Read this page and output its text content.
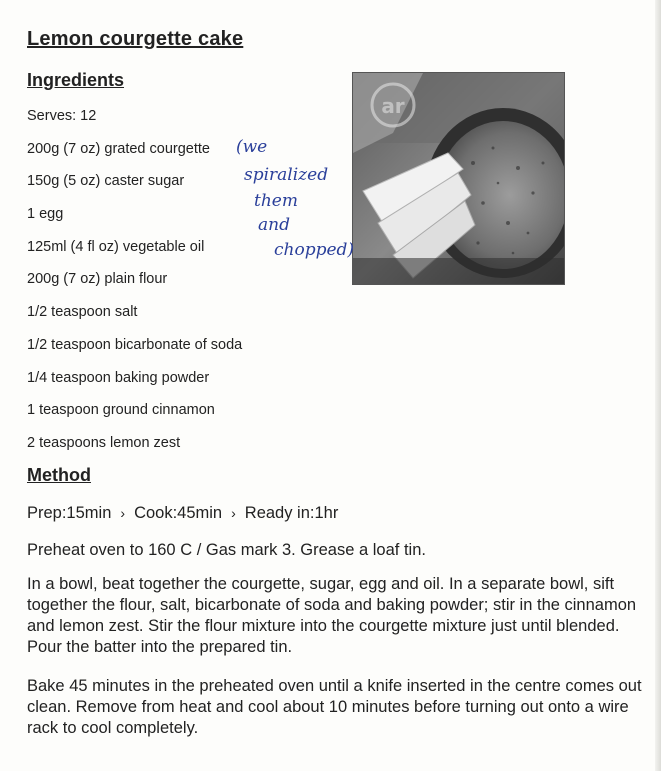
Lemon courgette cake
Ingredients
Serves: 12
200g (7 oz) grated courgette
150g (5 oz) caster sugar
1 egg
125ml (4 fl oz) vegetable oil
200g (7 oz) plain flour
1/2 teaspoon salt
1/2 teaspoon bicarbonate of soda
1/4 teaspoon baking powder
1 teaspoon ground cinnamon
2 teaspoons lemon zest
ar
(we
spiralized
them
and
chopped)
Method
Prep:15min › Cook:45min › Ready in:1hr

Preheat oven to 160 C / Gas mark 3. Grease a loaf tin.

In a bowl, beat together the courgette, sugar, egg and oil. In a separate bowl, sift together the flour, salt, bicarbonate of soda and baking powder; stir in the cinnamon and lemon zest. Stir the flour mixture into the courgette mixture just until blended. Pour the batter into the prepared tin.

Bake 45 minutes in the preheated oven until a knife inserted in the centre comes out clean. Remove from heat and cool about 10 minutes before turning out onto a wire rack to cool completely.
